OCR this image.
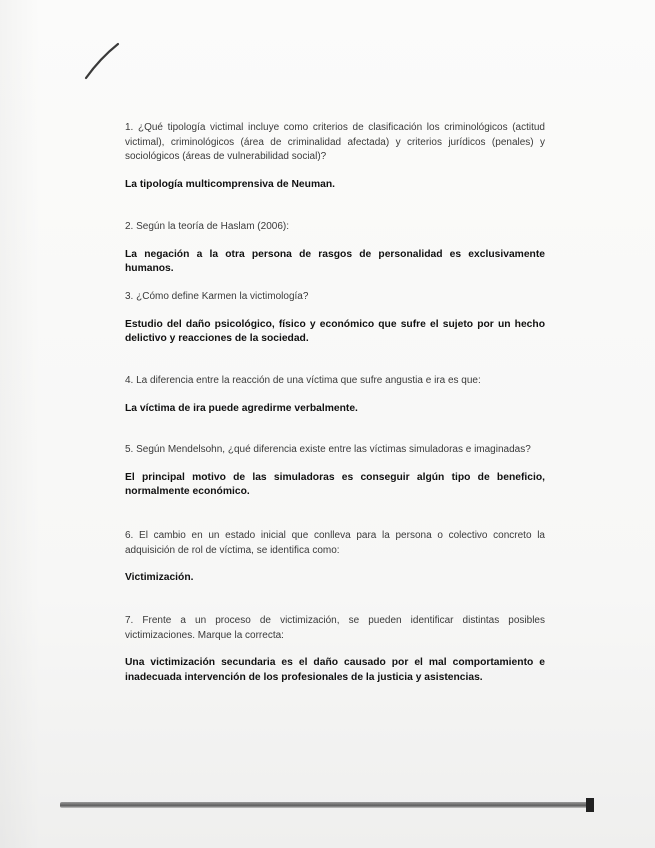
1. ¿Qué tipología victimal incluye como criterios de clasificación los criminológicos (actitud victimal), criminológicos (área de criminalidad afectada) y criterios jurídicos (penales) y sociológicos (áreas de vulnerabilidad social)?

La tipología multicomprensiva de Neuman.

2. Según la teoría de Haslam (2006):

La negación a la otra persona de rasgos de personalidad es exclusivamente humanos.

3. ¿Cómo define Karmen la victimología?

Estudio del daño psicológico, físico y económico que sufre el sujeto por un hecho delictivo y reacciones de la sociedad.

4. La diferencia entre la reacción de una víctima que sufre angustia e ira es que:

La víctima de ira puede agredirme verbalmente.

5. Según Mendelsohn, ¿qué diferencia existe entre las víctimas simuladoras e imaginadas?

El principal motivo de las simuladoras es conseguir algún tipo de beneficio, normalmente económico.

6. El cambio en un estado inicial que conlleva para la persona o colectivo concreto la adquisición de rol de víctima, se identifica como:

Victimización.

7. Frente a un proceso de victimización, se pueden identificar distintas posibles victimizaciones. Marque la correcta:

Una victimización secundaria es el daño causado por el mal comportamiento e inadecuada intervención de los profesionales de la justicia y asistencias.
